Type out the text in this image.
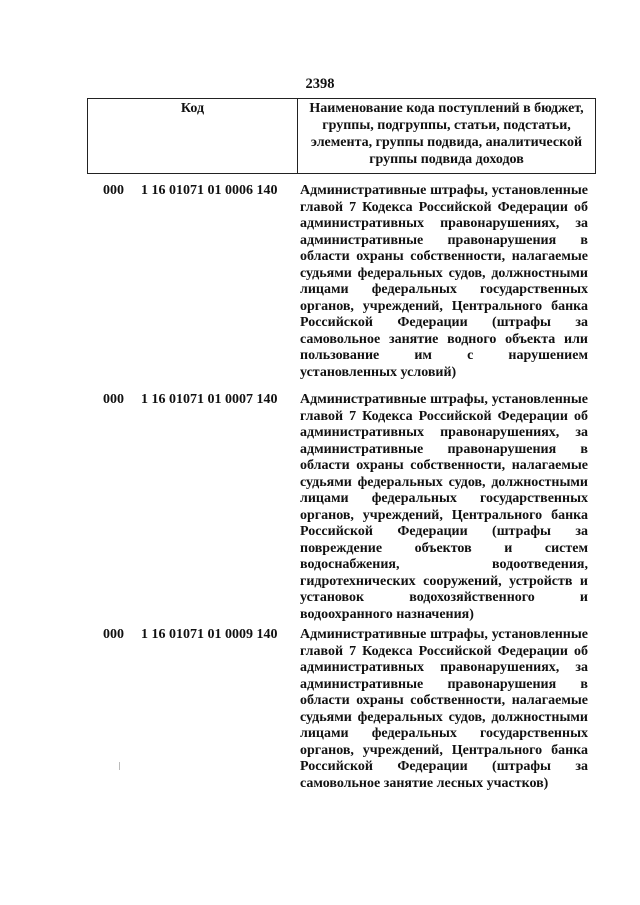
2398
Код	Наименование кода поступлений в бюджет, группы, подгруппы, статьи, подстатьи, элемента, группы подвида, аналитической группы подвида доходов
000 1 16 01071 01 0006 140 Административные штрафы, установленные
главой 7 Кодекса Российской Федерации об
административных правонарушениях, за
административные правонарушения в
области охраны собственности, налагаемые
судьями федеральных судов, должностными
лицами федеральных государственных
органов, учреждений, Центрального банка
Российской Федерации (штрафы за
самовольное занятие водного объекта или
пользование им с нарушением
установленных условий)
000 1 16 01071 01 0007 140 Административные штрафы, установленные
главой 7 Кодекса Российской Федерации об
административных правонарушениях, за
административные правонарушения в
области охраны собственности, налагаемые
судьями федеральных судов, должностными
лицами федеральных государственных
органов, учреждений, Центрального банка
Российской Федерации (штрафы за
повреждение объектов и систем
водоснабжения, водоотведения,
гидротехнических сооружений, устройств и
установок водохозяйственного и
водоохранного назначения)
000 1 16 01071 01 0009 140 Административные штрафы, установленные
главой 7 Кодекса Российской Федерации об
административных правонарушениях, за
административные правонарушения в
области охраны собственности, налагаемые
судьями федеральных судов, должностными
лицами федеральных государственных
органов, учреждений, Центрального банка
Российской Федерации (штрафы за
самовольное занятие лесных участков)
